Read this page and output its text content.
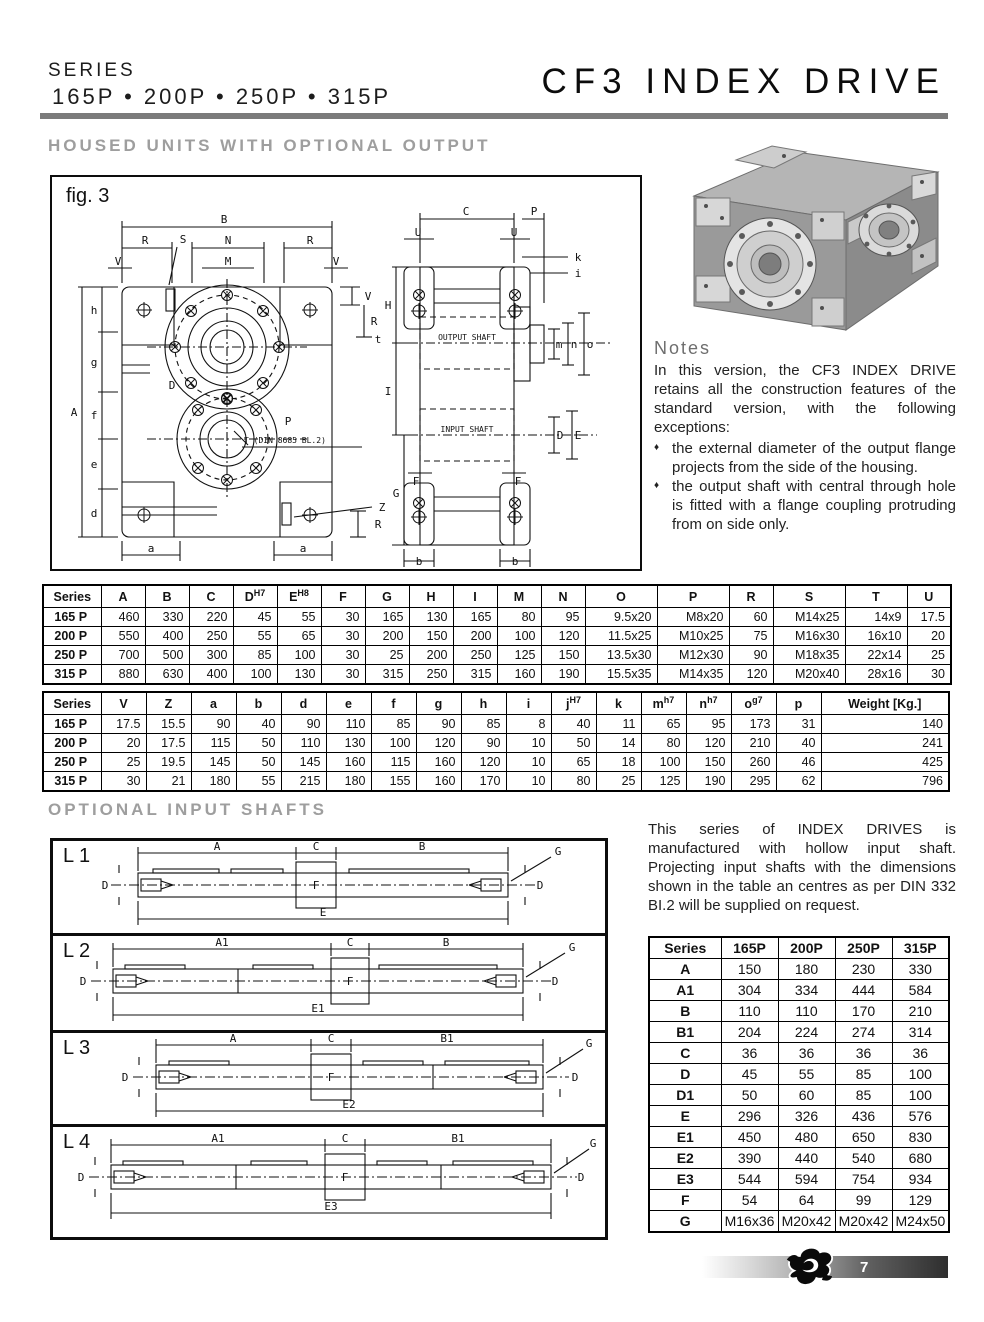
SERIES
165P • 200P • 250P • 315P	CF3 INDEX DRIVE
HOUSED UNITS WITH OPTIONAL OUTPUT
fig. 3
B
R	N	R
V	M	V
S
A
h
g
f
e
d
a	a
D
P
Z
R
V
R
t
T (DIN 8685 BL.2)
C	P
U	U
k
i
H
I
G
OUTPUT SHAFT
INPUT SHAFT
F	F
m n o
D E
b	b
Notes

In this version, the CF3 INDEX DRIVE retains all the construction features of the standard version, with the following exceptions:

♦ the external diameter of the output flange projects from the side of the housing.
♦ the output shaft with central through hole is fitted with a flange coupling protruding from on side only.
Series	A	B	C	$D^{H7}$	$E^{H8}$	F	G	H	I	M	N	O	P	R	S	T	U
165 P	460	330	220	45	55	30	165	130	165	80	95	9.5x20	M8x20	60	M14x25	14x9	17.5
200 P	550	400	250	55	65	30	200	150	200	100	120	11.5x25	M10x25	75	M16x30	16x10	20
250 P	700	500	300	85	100	30	25	200	250	125	150	13.5x30	M12x30	90	M18x35	22x14	25
315 P	880	630	400	100	130	30	315	250	315	160	190	15.5x35	M14x35	120	M20x40	28x16	30
Series	V	Z	a	b	d	e	f	g	h	i	$j^{H7}$	k	$m^{h7}$	$n^{h7}$	$o^{g7}$	p	Weight [Kg.]
165 P	17.5	15.5	90	40	90	110	85	90	85	8	40	11	65	95	173	31	140
200 P	20	17.5	115	50	110	130	100	120	90	10	50	14	80	120	210	40	241
250 P	25	19.5	145	50	145	160	115	160	120	10	65	18	100	150	260	46	425
315 P	30	21	180	55	215	180	155	160	170	10	80	25	125	190	295	62	796
OPTIONAL INPUT SHAFTS
L 1	A	C	B
E
D	D
F
G
L 2	A1	C	B
E1
D	D
F
G
L 3	A	C	B1
E2
D	D
F
G
L 4	A1	C	B1
E3
D	D
F
G

This series of INDEX DRIVES is manufactured with hollow input shaft. Projecting input shafts with the dimensions shown in the table an centres as per DIN 332 BI.2 will be supplied on request.

Series	165P	200P	250P	315P
A	150	180	230	330
A1	304	334	444	584
B	110	110	170	210
B1	204	224	274	314
C	36	36	36	36
D	45	55	85	100
D1	50	60	85	100
E	296	326	436	576
E1	450	480	650	830
E2	390	440	540	680
E3	544	594	754	934
F	54	64	99	129
G	M16x36	M20x42	M20x42	M24x50
7
